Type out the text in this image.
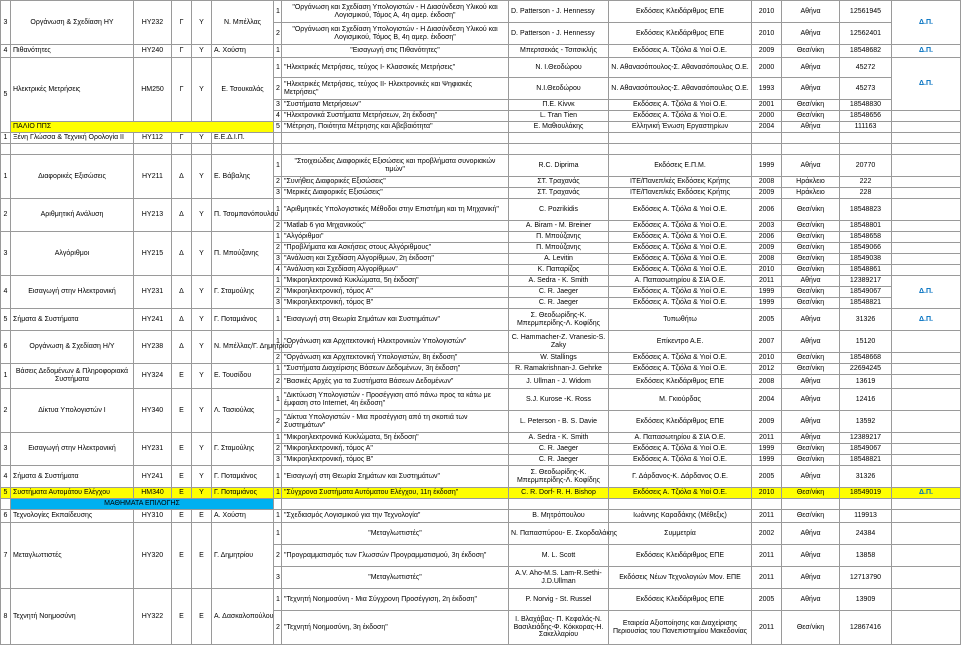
3	Οργάνωση & Σχεδίαση ΗΥ	ΗΥ232	Γ	Υ	Ν. Μπέλλας	1	"Οργάνωση και Σχεδίαση Υπολογιστών - Η Διασύνδεση Υλικού και Λογισμικού, Τόμος Α, 4η αμερ. έκδοση"	D. Patterson - J. Hennessy	Εκδόσεις Κλειδάριθμος ΕΠΕ	2010	Αθήνα	12561945	Δ.Π.
						2	"Οργάνωση και Σχεδίαση Υπολογιστών - Η Διασύνδεση Υλικού και Λογισμικού, Τόμος Β, 4η αμερ. έκδοση"	D. Patterson - J. Hennessy	Εκδόσεις Κλειδάριθμος ΕΠΕ	2010	Αθήνα	12562401	
4	Πιθανότητες	ΗΥ240	Γ	Υ	Α. Χούστη	1	"Εισαγωγή στις Πιθανότητες"	Μπερτσεκάς - Τσιτσικλής	Εκδόσεις Α. Τζιόλα & Υιοί Ο.Ε.	2009	Θεσ/νίκη	18548682	Δ.Π.
5	Ηλεκτρικές Μετρήσεις	ΗΜ250	Γ	Υ	Ε. Τσουκαλάς	1	"Ηλεκτρικές Μετρήσεις, τεύχος Ι- Κλασσικές Μετρήσεις"	Ν. Ι.Θεοδώρου	Ν. Αθανασόπουλος-Σ. Αθανασόπουλος Ο.Ε.	2000	Αθήνα	45272	Δ.Π.
						2	"Ηλεκτρικές Μετρήσεις, τεύχος ΙΙ- Ηλεκτρονικές και Ψηφιακές Μετρήσεις"	Ν.Ι.Θεοδώρου	Ν. Αθανασόπουλος-Σ. Αθανασόπουλος Ο.Ε.	1993	Αθήνα	45273	
						3	"Συστήματα Μετρήσεων"	Π.Ε. Κίννκ	Εκδόσεις Α. Τζιόλα & Υιοί Ο.Ε.	2001	Θεσ/νίκη	18548830	
						4	"Ηλεκτρονικά Συστήματα Μετρήσεων, 2η έκδοση"	L. Tran Tien	Εκδόσεις Α. Τζιόλα & Υιοί Ο.Ε.	2000	Θεσ/νίκη	18548656	
	ΠΑΛΙΟ ΠΠΣ					5	"Μέτρηση, Ποιότητα Μέτρησης και Αβεβαιότητα"	Ε. Μαθιουλάκης	Ελληνική Ένωση Εργαστηρίων	2004	Αθήνα	111163	
1	Ξένη Γλώσσα & Τεχνική Ορολογία ΙΙ	ΗΥ112	Γ	Υ	Ε.Ε.Δ.Ι.Π.								

1	Διαφορικές Εξισώσεις	ΗΥ211	Δ	Υ	Ε. Βάβαλης	1	"Στοιχειώδεις Διαφορικές Εξισώσεις και προβλήματα συνοριακών τιμών"	R.C. Diprima	Εκδόσεις Ε.Π.Μ.	1999	Αθήνα	20770	
						2	"Συνήθεις Διαφορικές Εξισώσεις"	ΣΤ. Τραχανάς	ΙΤΕ/Πανεπ/κές Εκδόσεις Κρήτης	2008	Ηράκλειο	222	
						3	"Μερικές Διαφορικές Εξισώσεις"	ΣΤ. Τραχανάς	ΙΤΕ/Πανεπ/κές Εκδόσεις Κρήτης	2009	Ηράκλειο	228	
2	Αριθμητική Ανάλυση	ΗΥ213	Δ	Υ	Π. Τσομπανόπουλου	1	"Αριθμητικές Υπολογιστικές Μέθοδοι στην Επιστήμη και τη Μηχανική"	C. Pozrikidis	Εκδόσεις Α. Τζιόλα & Υιοί Ο.Ε.	2006	Θεσ/νίκη	18548823	
						2	"Matlab 6 για Μηχανικούς"	A. Biram - M. Breiner	Εκδόσεις Α. Τζιόλα & Υιοί Ο.Ε.	2003	Θεσ/νίκη	18548801	
3	Αλγόριθμοι	ΗΥ215	Δ	Υ	Π. Μπούζανης	1	"Αλγόριθμοι"	Π. Μπούζανης	Εκδόσεις Α. Τζιόλα & Υιοί Ο.Ε.	2006	Θεσ/νίκη	18548658	
						2	"Προβλήματα και Ασκήσεις στους Αλγόριθμους"	Π. Μπούζανης	Εκδόσεις Α. Τζιόλα & Υιοί Ο.Ε.	2009	Θεσ/νίκη	18549066	
						3	"Ανάλυση και Σχεδίαση Αλγορίθμων, 2η έκδοση"	A. Levitin	Εκδόσεις Α. Τζιόλα & Υιοί Ο.Ε.	2008	Θεσ/νίκη	18549038	
						4	"Ανάλυση και Σχεδίαση Αλγορίθμων"	Κ. Παπαρίζος	Εκδόσεις Α. Τζιόλα & Υιοί Ο.Ε.	2010	Θεσ/νίκη	18548861	
4	Εισαγωγή στην Ηλεκτρονική	ΗΥ231	Δ	Υ	Γ. Σταμούλης	1	"Μικροηλεκτρονικά Κυκλώματα, 5η έκδοση"	A. Sedra - K. Smith	Α. Παπασωτηρίου & ΣΙΑ Ο.Ε.	2011	Αθήνα	12389217	Δ.Π.
						2	"Μικροηλεκτρονική, τόμος Α"	C. R. Jaeger	Εκδόσεις Α. Τζιόλα & Υιοί Ο.Ε.	1999	Θεσ/νίκη	18549067	
						3	"Μικροηλεκτρονική, τόμος Β"	C. R. Jaeger	Εκδόσεις Α. Τζιόλα & Υιοί Ο.Ε.	1999	Θεσ/νίκη	18548821	
5	Σήματα & Συστήματα	ΗΥ241	Δ	Υ	Γ. Ποταμιάνος	1	"Εισαγωγή στη Θεωρία Σημάτων και Συστημάτων"	Σ. Θεοδωρίδης-Κ. Μπερμπερίδης-Λ. Κοφίδης	Τυπωθήτω	2005	Αθήνα	31326	Δ.Π.
6	Οργάνωση & Σχεδίαση Η/Υ	ΗΥ238	Δ	Υ	Ν. Μπέλλας/Γ. Δημητρίου	1	"Οργάνωση και Αρχιτεκτονική Ηλεκτρονικών Υπολογιστών"	C. Hammacher-Z. Vranesic-S. Zaky	Επίκεντρο Α.Ε.	2007	Αθήνα	15120	
						2	"Οργάνωση και Αρχιτεκτονική Υπολογιστών, 8η έκδοση"	W. Stallings	Εκδόσεις Α. Τζιόλα & Υιοί Ο.Ε.	2010	Θεσ/νίκη	18548668	
1	Βάσεις Δεδομένων & Πληροφοριακά Συστήματα	ΗΥ324	Ε	Υ	Ε. Τουσίδου	1	"Συστήματα Διαχείρισης Βάσεων Δεδομένων, 3η έκδοση"	R. Ramakrishnan-J. Gehrke	Εκδόσεις Α. Τζιόλα & Υιοί Ο.Ε.	2012	Θεσ/νίκη	22694245	
						2	"Βασικές Αρχές για τα Συστήματα Βάσεων Δεδομένων"	J. Ullman - J. Widom	Εκδόσεις Κλειδάριθμος ΕΠΕ	2008	Αθήνα	13619	
2	Δίκτυα Υπολογιστών Ι	ΗΥ340	Ε	Υ	Λ. Τασιούλας	1	"Δικτύωση Υπολογιστών - Προσέγγιση από πάνω προς τα κάτω με έμφαση στο Internet, 4η έκδοση"	S.J. Kurose -K. Ross	Μ. Γκιούρδας	2004	Αθήνα	12416	
						2	"Δίκτυα Υπολογιστών - Μια προσέγγιση από τη σκοπιά των Συστημάτων"	L. Peterson - B. S. Davie	Εκδόσεις Κλειδάριθμος ΕΠΕ	2009	Αθήνα	13592	
3	Εισαγωγή στην Ηλεκτρονική	ΗΥ231	Ε	Υ	Γ. Σταμούλης	1	"Μικροηλεκτρονικά Κυκλώματα, 5η έκδοση"	A. Sedra - K. Smith	Α. Παπασωτηρίου & ΣΙΑ Ο.Ε.	2011	Αθήνα	12389217	
						2	"Μικροηλεκτρονική, τόμος Α"	C. R. Jaeger	Εκδόσεις Α. Τζιόλα & Υιοί Ο.Ε.	1999	Θεσ/νίκη	18549067	
						3	"Μικροηλεκτρονική, τόμος Β"	C. R. Jaeger	Εκδόσεις Α. Τζιόλα & Υιοί Ο.Ε.	1999	Θεσ/νίκη	18548821	
4	Σήματα & Συστήματα	ΗΥ241	Ε	Υ	Γ. Ποταμιάνος	1	"Εισαγωγή στη Θεωρία Σημάτων και Συστημάτων"	Σ. Θεοδωρίδης-Κ. Μπερμπερίδης-Λ. Κοφίδης	Γ. Δάρδανος-Κ. Δάρδανος Ο.Ε.	2005	Αθήνα	31326	
5	Συστήματα Αυτομάτου Ελέγχου	ΗΜ340	Ε	Υ	Γ. Ποταμιάνος	1	"Σύγχρονα Συστήματα Αυτόματου Ελέγχου, 11η έκδοση"	C. R. Dorf- R. H. Bishop	Εκδόσεις Α. Τζιόλα & Υιοί Ο.Ε.	2010	Θεσ/νίκη	18549019	Δ.Π.
	ΜΑΘΗΜΑΤΑ ΕΠΙΛΟΓΗΣ												
6	Τεχνολογίες Εκπαίδευσης	ΗΥ310	Ε	Ε	Α. Χούστη	1	"Σχεδιασμός Λογισμικού για την Τεχνολογία"	Β. Μητρόπουλου	Ιωάννης Καραδάκης (Μέθεξις)	2011	Θεσ/νίκη	119913	
7	Μεταγλωττιστές	ΗΥ320	Ε	Ε	Γ. Δημητρίου	1	"Μεταγλωττιστές"	Ν. Παπασπύρου- Ε. Σκορδαλάκης	Συμμετρία	2002	Αθήνα	24384	
						2	"Προγραμματισμός των Γλωσσών Προγραμματισμού, 3η έκδοση"	M. L. Scott	Εκδόσεις Κλειδάριθμος ΕΠΕ	2011	Αθήνα	13858	
						3	"Μεταγλωττιστές"	A.V. Aho-M.S. Lam-R.Sethi-J.D.Ullman	Εκδόσεις Νέων Τεχνολογιών Μον. ΕΠΕ	2011	Αθήνα	12713790	
8	Τεχνητή Νοημοσύνη	ΗΥ322	Ε	Ε	Α. Δασκαλοπούλου	1	"Τεχνητή Νοημοσύνη - Μια Σύγχρονη Προσέγγιση, 2η έκδοση"	P. Norvig - St. Russel	Εκδόσεις Κλειδάριθμος ΕΠΕ	2005	Αθήνα	13909	
						2	"Τεχνητή Νοημοσύνη, 3η έκδοση"	Ι. Βλαχάβας- Π. Κεφαλάς-Ν. Βασιλειάδης-Φ. Κόκκορας-Η. Σακελλαρίου	Εταιρεία Αξιοποίησης και Διαχείρισης Περιουσίας του Πανεπιστημίου Μακεδονίας	2011	Θεσ/νίκη	12867416	
